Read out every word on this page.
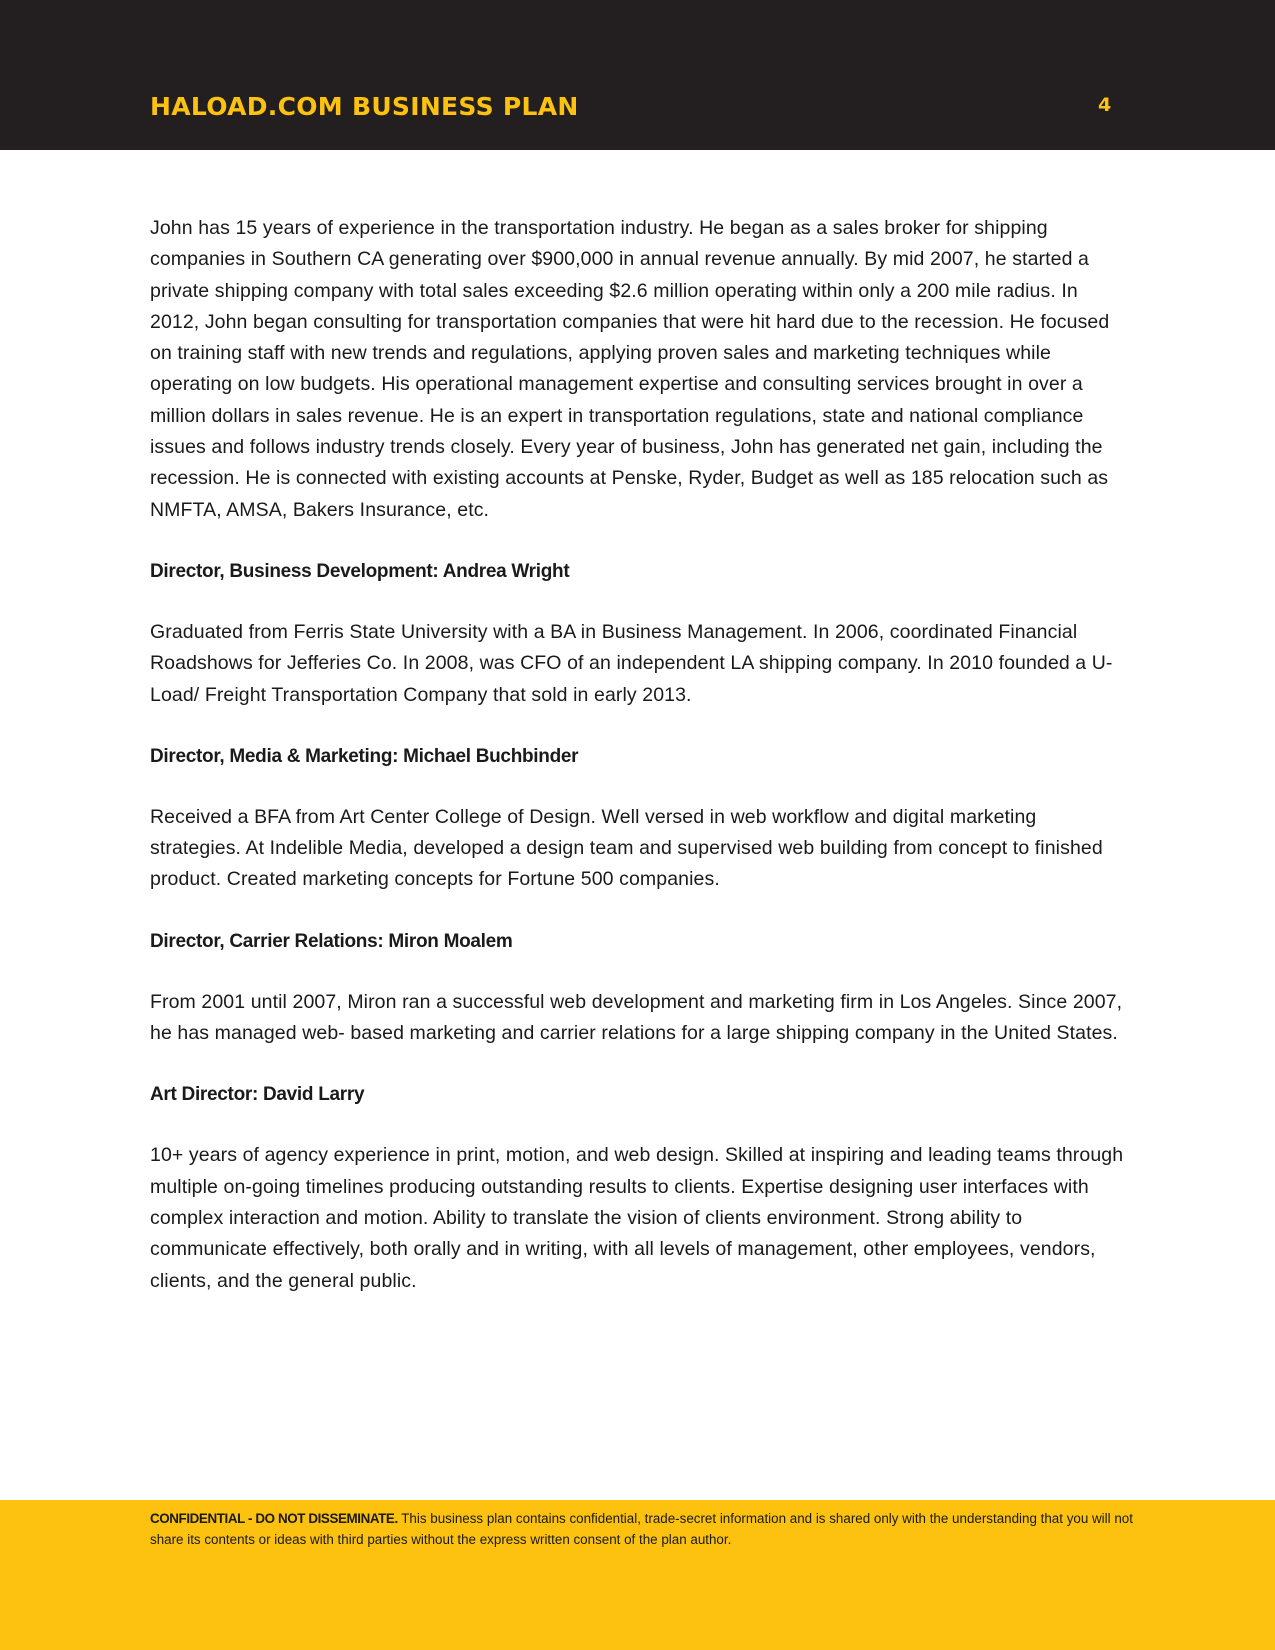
HALOAD.COM BUSINESS PLAN	4

John has 15 years of experience in the transportation industry. He began as a sales broker for shipping companies in Southern CA generating over $900,000 in annual revenue annually. By mid 2007, he started a private shipping company with total sales exceeding $2.6 million operating within only a 200 mile radius. In 2012, John began consulting for transportation companies that were hit hard due to the recession. He focused on training staff with new trends and regulations, applying proven sales and marketing techniques while operating on low budgets. His operational management expertise and consulting services brought in over a million dollars in sales revenue. He is an expert in transportation regulations, state and national compliance issues and follows industry trends closely. Every year of business, John has generated net gain, including the recession. He is connected with existing accounts at Penske, Ryder, Budget as well as 185 relocation such as NMFTA, AMSA, Bakers Insurance, etc.

Director, Business Development: Andrea Wright

Graduated from Ferris State University with a BA in Business Management. In 2006, coordinated Financial Roadshows for Jefferies Co. In 2008, was CFO of an independent LA shipping company. In 2010 founded a U-Load/ Freight Transportation Company that sold in early 2013.

Director, Media & Marketing: Michael Buchbinder

Received a BFA from Art Center College of Design. Well versed in web workflow and digital marketing strategies. At Indelible Media, developed a design team and supervised web building from concept to finished product. Created marketing concepts for Fortune 500 companies.

Director, Carrier Relations: Miron Moalem

From 2001 until 2007, Miron ran a successful web development and marketing firm in Los Angeles. Since 2007, he has managed web- based marketing and carrier relations for a large shipping company in the United States.

Art Director: David Larry

10+ years of agency experience in print, motion, and web design. Skilled at inspiring and leading teams through multiple on-going timelines producing outstanding results to clients. Expertise designing user interfaces with complex interaction and motion. Ability to translate the vision of clients environment. Strong ability to communicate effectively, both orally and in writing, with all levels of management, other employees, vendors, clients, and the general public.

CONFIDENTIAL - DO NOT DISSEMINATE. This business plan contains confidential, trade-secret information and is shared only with the understanding that you will not share its contents or ideas with third parties without the express written consent of the plan author.
